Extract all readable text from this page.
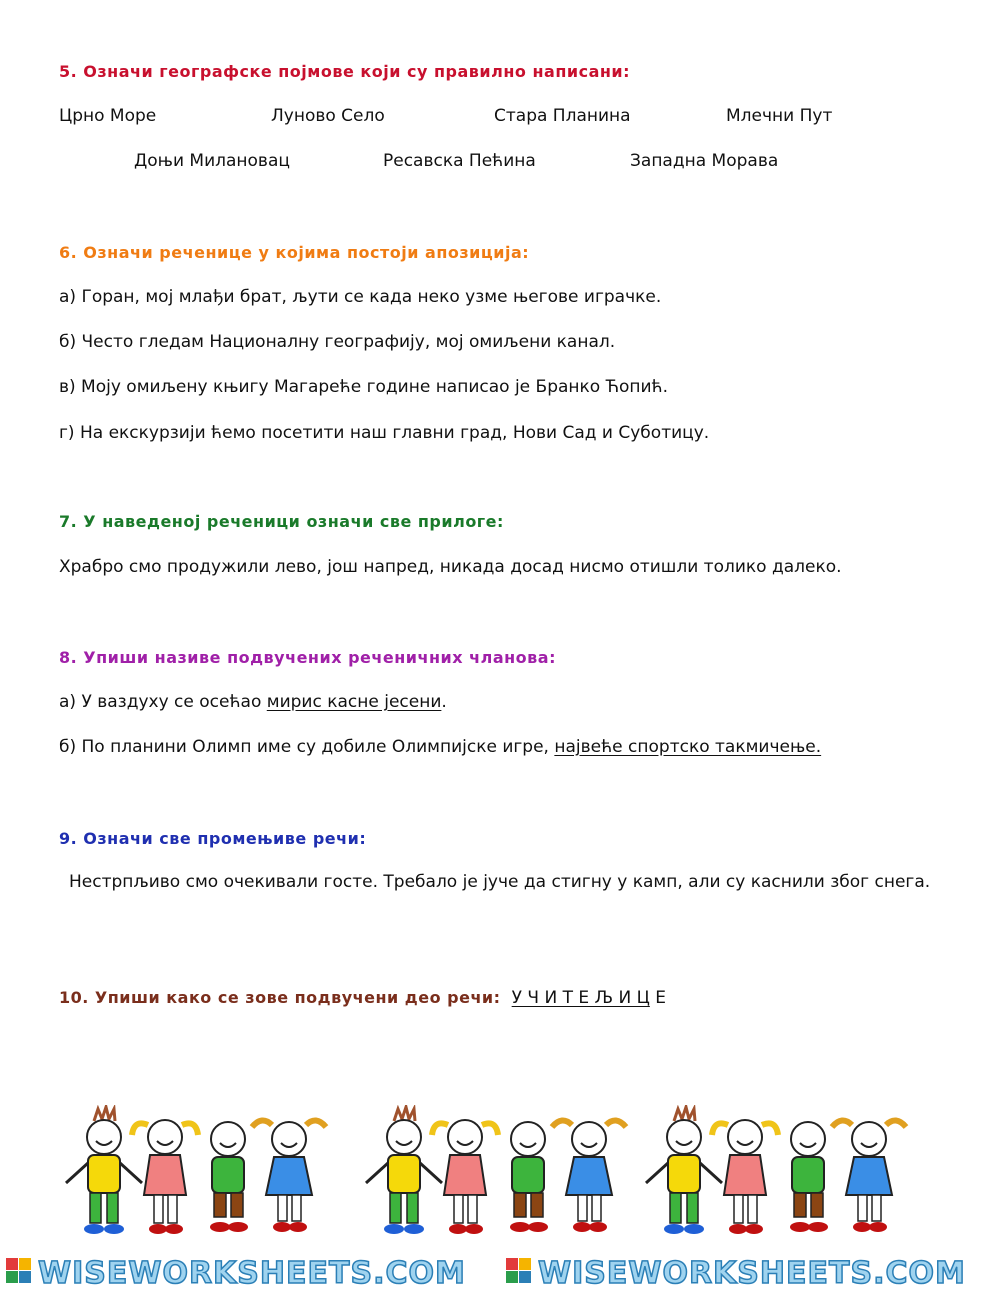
5. Означи географске појмове који су правилно написани:
Црно Море	Луново Село	Стара Планина	Млечни Пут
Доњи Милановац	Ресавска Пећина	Западна Морава
6. Означи реченице у којима постоји апозиција:
а) Горан, мој млађи брат, љути се када неко узме његове играчке.
б) Често гледам Националну географију, мој омиљени канал.
в) Моју омиљену књигу Магареће године написао је Бранко Ћопић.
г) На екскурзији ћемо посетити наш главни град, Нови Сад и Суботицу.
7. У наведеној реченици означи све прилоге:
Храбро смо продужили лево, још напред, никада досад нисмо отишли толико далеко.
8. Упиши називе подвучених реченичних чланова:
а) У ваздуху се осећао мирис касне јесени.
б) По планини Олимп име су добиле Олимпијске игре, највеће спортско такмичење.
9. Означи све промењиве речи:
Нестрпљиво смо очекивали госте. Требало је јуче да стигну у камп, али су каснили због снега.
10. Упиши како се зове подвучени део речи: У Ч И Т Е Љ И Ц Е
WISEWORKSHEETS.COM WISEWORKSHEETS.COM
